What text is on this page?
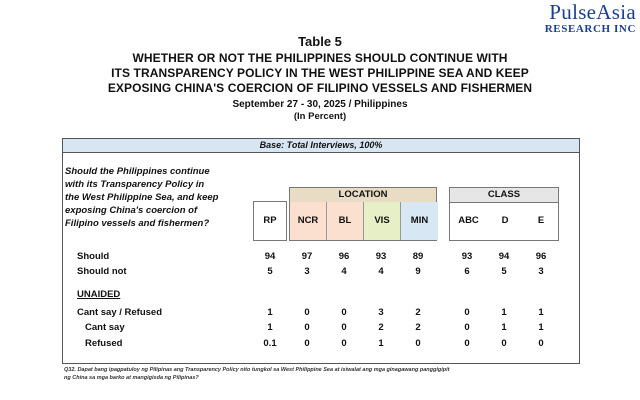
PulseAsia
RESEARCH INC
Table 5
WHETHER OR NOT THE PHILIPPINES SHOULD CONTINUE WITH
ITS TRANSPARENCY POLICY IN THE WEST PHILIPPINE SEA AND KEEP
EXPOSING CHINA'S COERCION OF FILIPINO VESSELS AND FISHERMEN
September 27 - 30, 2025 / Philippines
(In Percent)
Base: Total Interviews, 100%
Should the Philippines continue
with its Transparency Policy in
the West Philippine Sea, and keep
exposing China's coercion of
Filipino vessels and fishermen?	RP
LOCATION
NCR	BL	VIS	MIN
CLASS
ABC	D	E
Should	94	97	96	93	89	93	94	96
Should not	5	3	4	4	9	6	5	3
UNAIDED
Cant say / Refused	1	0	0	3	2	0	1	1
Cant say	1	0	0	2	2	0	1	1
Refused	0.1	0	0	1	0	0	0	0
Q32. Dapat bang ipagpatuloy ng Pilipinas ang Transparency Policy nito tungkol sa West Philippine Sea at isiwalat ang mga ginagawang panggigipit
ng China sa mga barko at mangigisda ng Pilipinas?
